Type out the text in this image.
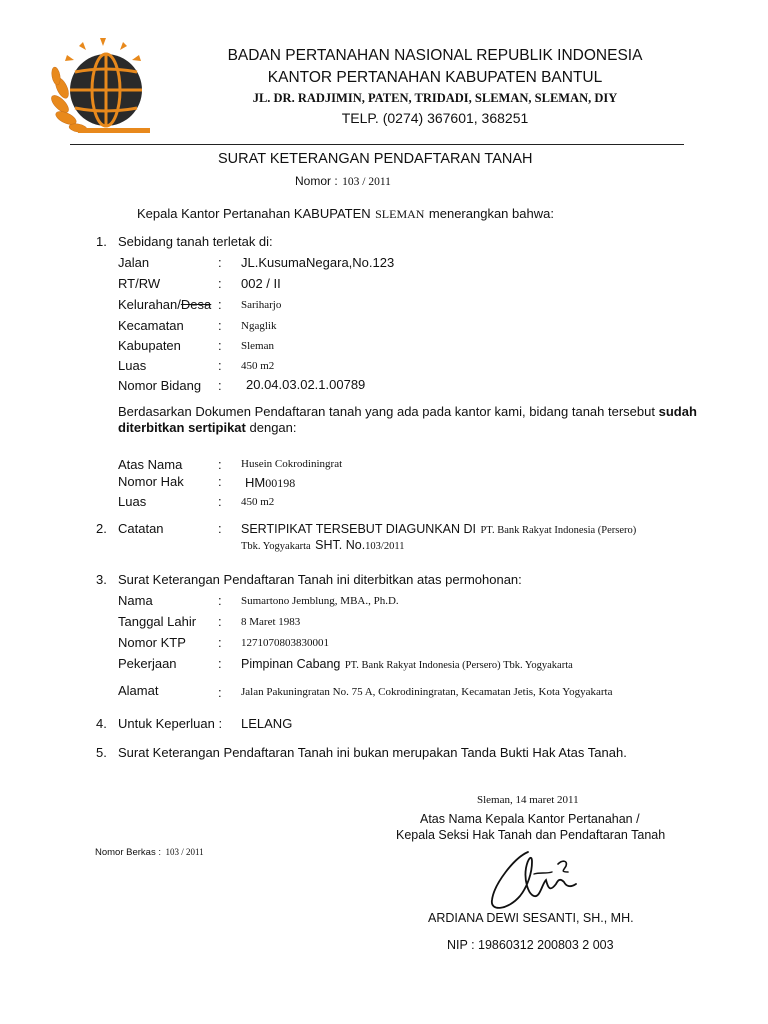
BADAN PERTANAHAN NASIONAL REPUBLIK INDONESIA
KANTOR PERTANAHAN KABUPATEN BANTUL
JL. DR. RADJIMIN, PATEN, TRIDADI, SLEMAN, SLEMAN, DIY
TELP. (0274) 367601, 368251
SURAT KETERANGAN PENDAFTARAN TANAH
Nomor : 103 / 2011
Kepala Kantor Pertanahan KABUPATEN SLEMAN menerangkan bahwa:
1. Sebidang tanah terletak di:
Jalan	: JL.KusumaNegara,No.123
RT/RW	: 002 / II
Kelurahan/Desa : Sariharjo
Kecamatan	: Ngaglik
Kabupaten	: Sleman
Luas	: 450 m2
Nomor Bidang : 20.04.03.02.1.00789
Berdasarkan Dokumen Pendaftaran tanah yang ada pada kantor kami, bidang tanah tersebut sudah
diterbitkan sertipikat dengan:
Atas Nama	: Husein Cokrodiningrat
Nomor Hak	: HM00198
Luas	: 450 m2
2. Catatan	: SERTIPIKAT TERSEBUT DIAGUNKAN DI PT. Bank Rakyat Indonesia (Persero)
Tbk. Yogyakarta SHT. No.103/2011
3. Surat Keterangan Pendaftaran Tanah ini diterbitkan atas permohonan:
Nama	: Sumartono Jemblung, MBA., Ph.D.
Tanggal Lahir : 8 Maret 1983
Nomor KTP : 1271070803830001
Pekerjaan	: Pimpinan Cabang PT. Bank Rakyat Indonesia (Persero) Tbk. Yogyakarta
Alamat	: Jalan Pakuningratan No. 75 A, Cokrodiningratan, Kecamatan Jetis, Kota Yogyakarta
4. Untuk Keperluan : LELANG
5. Surat Keterangan Pendaftaran Tanah ini bukan merupakan Tanda Bukti Hak Atas Tanah.
Sleman, 14 maret 2011
Atas Nama Kepala Kantor Pertanahan /
Kepala Seksi Hak Tanah dan Pendaftaran Tanah
ARDIANA DEWI SESANTI, SH., MH.
NIP : 19860312 200803 2 003
Nomor Berkas : 103 / 2011
